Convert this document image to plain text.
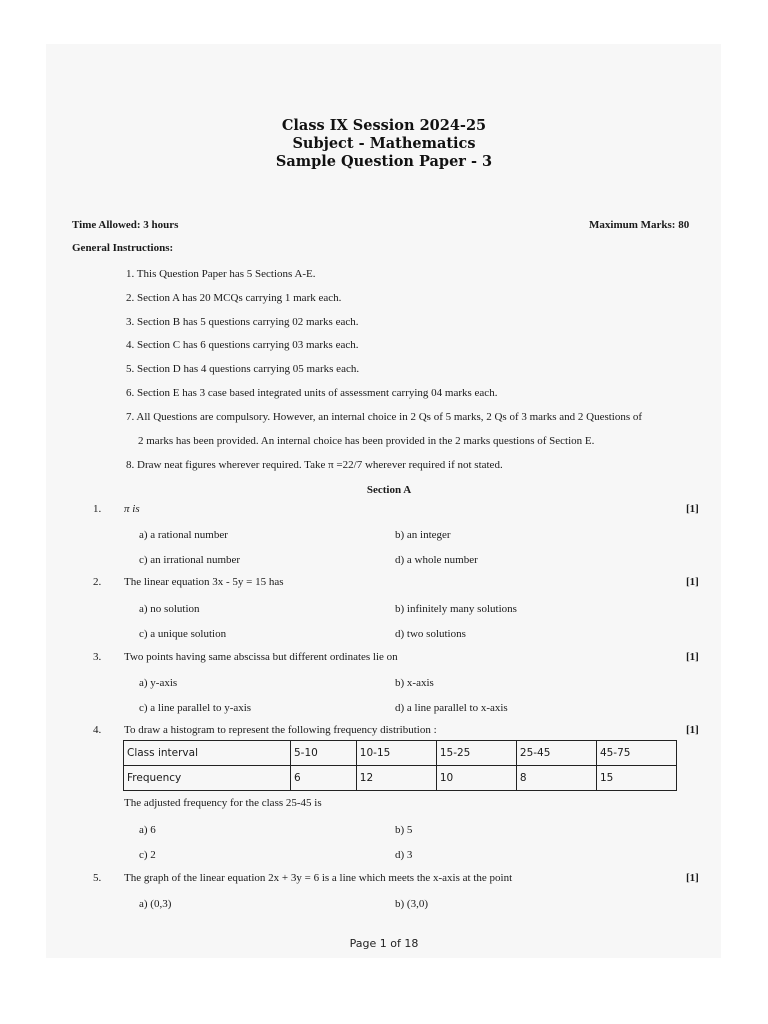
Class IX Session 2024-25
Subject - Mathematics
Sample Question Paper - 3
Time Allowed: 3 hours	Maximum Marks: 80
General Instructions:
1. This Question Paper has 5 Sections A-E.
2. Section A has 20 MCQs carrying 1 mark each.
3. Section B has 5 questions carrying 02 marks each.
4. Section C has 6 questions carrying 03 marks each.
5. Section D has 4 questions carrying 05 marks each.
6. Section E has 3 case based integrated units of assessment carrying 04 marks each.
7. All Questions are compulsory. However, an internal choice in 2 Qs of 5 marks, 2 Qs of 3 marks and 2 Questions of
2 marks has been provided. An internal choice has been provided in the 2 marks questions of Section E.
8. Draw neat figures wherever required. Take π =22/7 wherever required if not stated.
Section A
1. π is	[1]
a) a rational number	b) an integer
c) an irrational number	d) a whole number
2. The linear equation 3x - 5y = 15 has	[1]
a) no solution	b) infinitely many solutions
c) a unique solution	d) two solutions
3. Two points having same abscissa but different ordinates lie on	[1]
a) y-axis	b) x-axis
c) a line parallel to y-axis	d) a line parallel to x-axis
4. To draw a histogram to represent the following frequency distribution :	[1]
Class interval	5-10	10-15	15-25	25-45	45-75
Frequency	6	12	10	8	15
The adjusted frequency for the class 25-45 is
a) 6	b) 5
c) 2	d) 3
5. The graph of the linear equation 2x + 3y = 6 is a line which meets the x-axis at the point	[1]
a) (0,3)	b) (3,0)
Page 1 of 18
